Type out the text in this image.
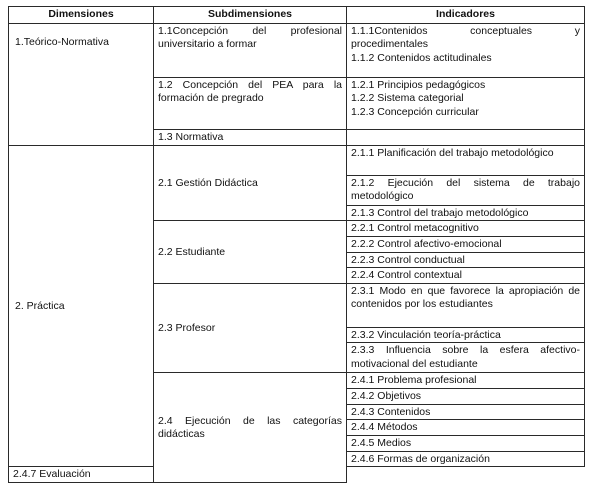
Dimensiones	Subdimensiones	Indicadores
1.Teórico-Normativa	1.1Concepción del profesional universitario a formar	1.1.1Contenidos conceptuales y
procedimentales
1.1.2 Contenidos actitudinales

	1.2 Concepción del PEA para la formación de pregrado	1.2.1 Principios pedagógicos
1.2.2 Sistema categorial
1.2.3 Concepción curricular

	1.3 Normativa	
2. Práctica	2.1 Gestión Didáctica	2.1.1 Planificación del trabajo metodológico
		2.1.2 Ejecución del sistema de trabajo metodológico
		2.1.3 Control del trabajo metodológico
	2.2 Estudiante	2.2.1 Control metacognitivo
		2.2.2 Control afectivo-emocional
		2.2.3 Control conductual
		2.2.4 Control contextual
	2.3 Profesor	2.3.1 Modo en que favorece la apropiación de contenidos por los estudiantes
		2.3.2 Vinculación teoría-práctica
		2.3.3 Influencia sobre la esfera afectivo-motivacional del estudiante
	2.4 Ejecución de las categorías didácticas	2.4.1 Problema profesional
		2.4.2 Objetivos
		2.4.3 Contenidos
		2.4.4 Métodos
		2.4.5 Medios
		2.4.6 Formas de organización
2.4.7 Evaluación		
